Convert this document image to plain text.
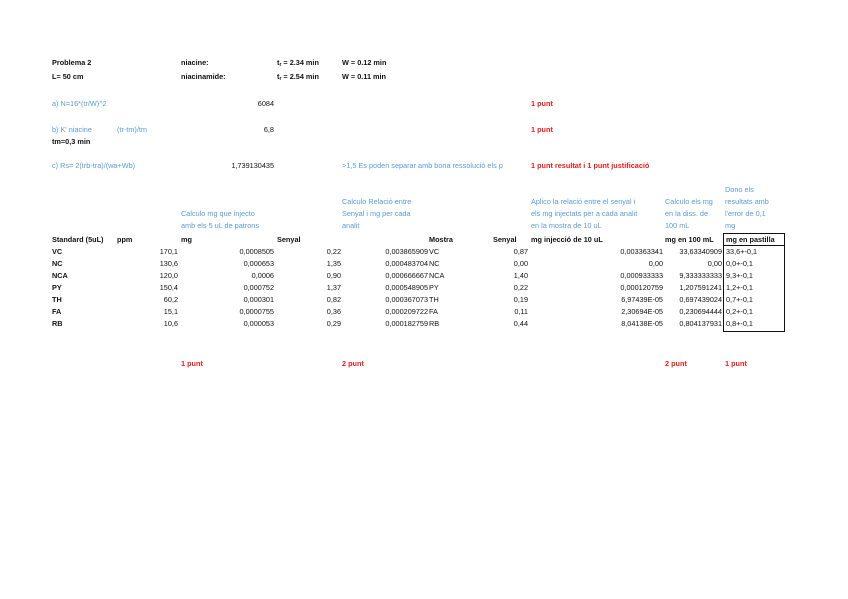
Problema 2
L= 50 cm
niacine:
niacinamide:
$t_r = 2.34$ min
$t_r = 2.54$ min
W = 0.12 min
W = 0.11 min
a) N=16*(tr/W)^2	6084	1 punt
b) K' niacine	(tr-tm)/tm
tm=0,3 min
6,8	1 punt
c) Rs= 2(trb-tra)/(wa+Wb)	1,739130435	>1,5 Es poden separar amb bona ressolució els p	1 punt resultat i 1 punt justificació
Calculo mg que injecto
amb els 5 uL de patrons
Calculo Relació entre
Senyal i mg per cada
analit
Aplico la relació entre el senyal i
els mg injectats per a cada analit
en la mostra de 10 uL
Calculo els mg
en la diss. de
100 mL
Dono els
resultats amb
l'error de 0,1
mg
Standard (5uL) ppm	mg	Senyal	Mostra	Senyal mg injecció de 10 uL	mg en 100 mL mg en pastilla
VC	170,1	0,0008505	0,22	0,003865909 VC	0,87	0,003363341	33,63340909 33,6+-0,1
NC	130,6	0,000653	1,35	0,000483704 NC	0,00	0,00	0,00 0,0+-0,1
NCA	120,0	0,0006	0,90	0,000666667 NCA	1,40	0,000933333	9,333333333 9,3+-0,1
PY	150,4	0,000752	1,37	0,000548905 PY	0,22	0,000120759	1,207591241 1,2+-0,1
TH	60,2	0,000301	0,82	0,000367073 TH	0,19	6,97439E-05	0,697439024 0,7+-0,1
FA	15,1	0,0000755	0,36	0,000209722 FA	0,11	2,30694E-05	0,230694444 0,2+-0,1
RB	10,6	0,000053	0,29	0,000182759 RB	0,44	8,04138E-05	0,804137931 0,8+-0,1
1 punt	2 punt	2 punt	1 punt
